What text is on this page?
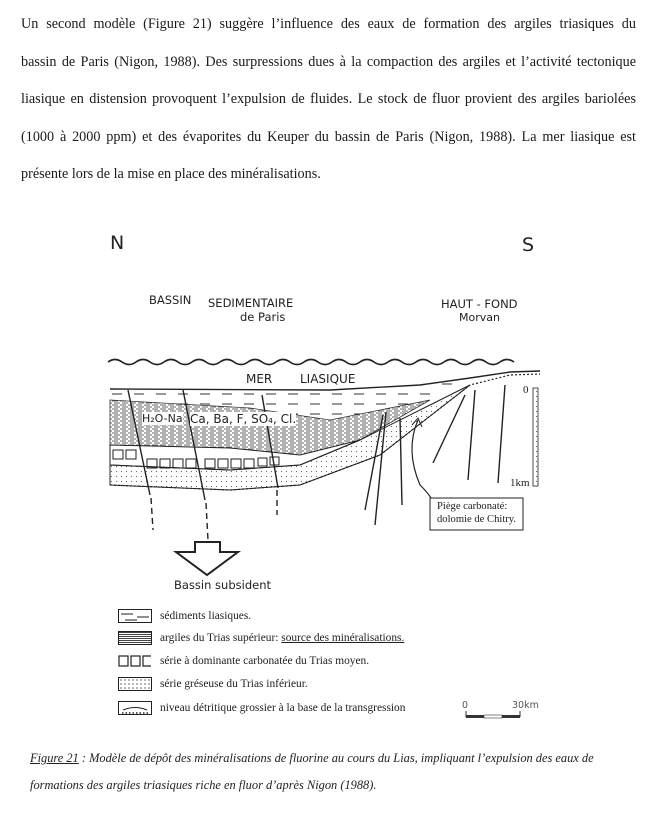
Un second modèle (Figure 21) suggère l’influence des eaux de formation des argiles triasiques du
bassin de Paris (Nigon, 1988). Des surpressions dues à la compaction des argiles et l’activité tectonique
liasique en distension provoquent l’expulsion de fluides. Le stock de fluor provient des argiles bariolées
(1000 à 2000 ppm) et des évaporites du Keuper du bassin de Paris (Nigon, 1988). La mer liasique est
présente lors de la mise en place des minéralisations.
N	S
BASSIN SEDIMENTAIRE
de Paris
HAUT - FOND
Morvan
MER LIASIQUE
H₂O-Na Ca, Ba, F, SO₄, Cl.
0
1km
Piège carbonaté:
dolomie de Chitry.
Bassin subsident
sédiments liasiques.
argiles du Trias supérieur: source des minéralisations.
série à dominante carbonatée du Trias moyen.
série gréseuse du Trias inférieur.
niveau détritique grossier à la base de la transgression	0	30km
Figure 21 : Modèle de dépôt des minéralisations de fluorine au cours du Lias, impliquant l’expulsion des eaux de formations des argiles triasiques riche en fluor d’après Nigon (1988).
